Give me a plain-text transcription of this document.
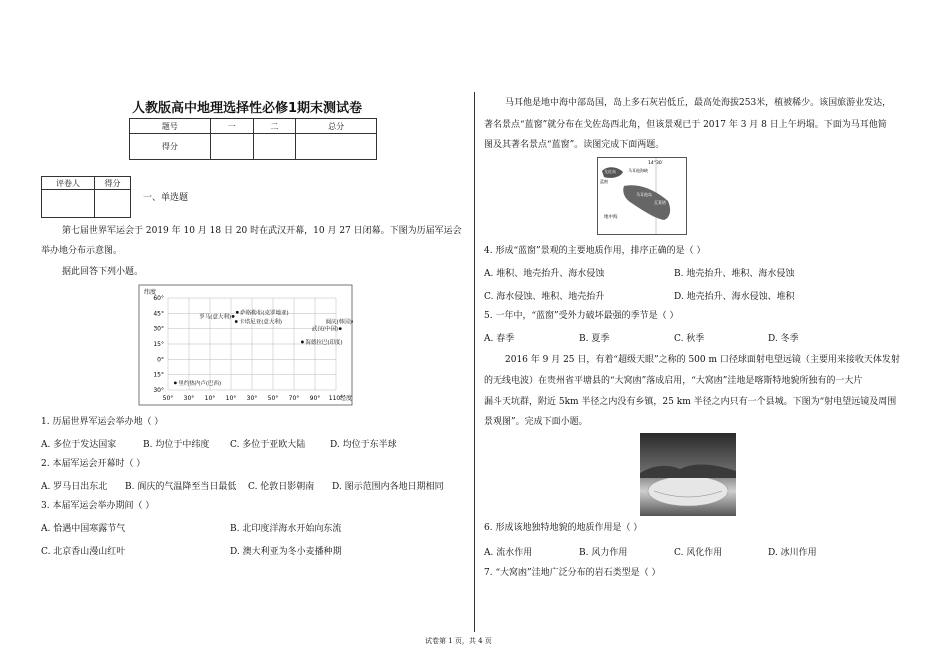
人教版高中地理选择性必修1期末测试卷
题号	一	二	总分
得分			
评卷人	得分

一、单选题
第七届世界军运会于 2019 年 10 月 18 日 20 时在武汉开幕，10 月 27 日闭幕。下图为历届军运会
举办地分布示意图。
据此回答下列小题。
纬度
60°
45°
30°
15°
0°
15°
30°
50° 30° 10° 10° 30° 50° 70° 90° 110°
经度
萨格勒布(克罗地亚)
罗马(意大利)
卡塔尼亚(意大利)	阆庆(韩国)
武汉(中国)
海德拉巴(印度)
里约热内卢(巴西)
1. 历届世界军运会举办地（ ）
A. 多位于发达国家	B. 均位于中纬度 C. 多位于亚欧大陆	D. 均位于东半球
2. 本届军运会开幕时（ ）
A. 罗马日出东北 B. 阆庆的气温降至当日最低 C. 伦敦日影朝南 D. 图示范围内各地日期相同
3. 本届军运会举办期间（ ）
A. 恰遇中国寒露节气	B. 北印度洋海水开始向东流
C. 北京香山漫山红叶	D. 澳大利亚为冬小麦播种期
马耳他是地中海中部岛国，岛上多石灰岩低丘，最高处海拔253米，植被稀少。该国旅游业发达，
著名景点“蓝窗”就分布在戈佐岛西北角，但该景观已于 2017 年 3 月 8 日上午坍塌。下面为马耳他简
图及其著名景点“蓝窗”。读图完成下面两题。
14°30′
戈佐岛	马耳他海峡
蓝窗
地中海
马耳他岛
瓦莱塔
4. 形成“蓝窗”景观的主要地质作用，排序正确的是（ ）
A. 堆积、地壳抬升、海水侵蚀	B. 地壳抬升、堆积、海水侵蚀
C. 海水侵蚀、堆积、地壳抬升	D. 地壳抬升、海水侵蚀、堆积
5. 一年中，“蓝窗”受外力破坏最强的季节是（ ）
A. 春季	B. 夏季	C. 秋季	D. 冬季
2016 年 9 月 25 日，有着“超级天眼”之称的 500 m 口径球面射电望远镜（主要用来接收天体发射
的无线电波）在贵州省平塘县的“大窝凼”落成启用，“大窝凼”洼地是喀斯特地貌所独有的一大片
漏斗天坑群，附近 5km 半径之内没有乡镇，25 km 半径之内只有一个县城。下图为“射电望远镜及周围
景观图”。完成下面小题。
6. 形成该地独特地貌的地质作用是（ ）
A. 流水作用	B. 风力作用	C. 风化作用	D. 冰川作用
7. “大窝凼”洼地广泛分布的岩石类型是（ ）
试卷第 1 页，共 4 页
